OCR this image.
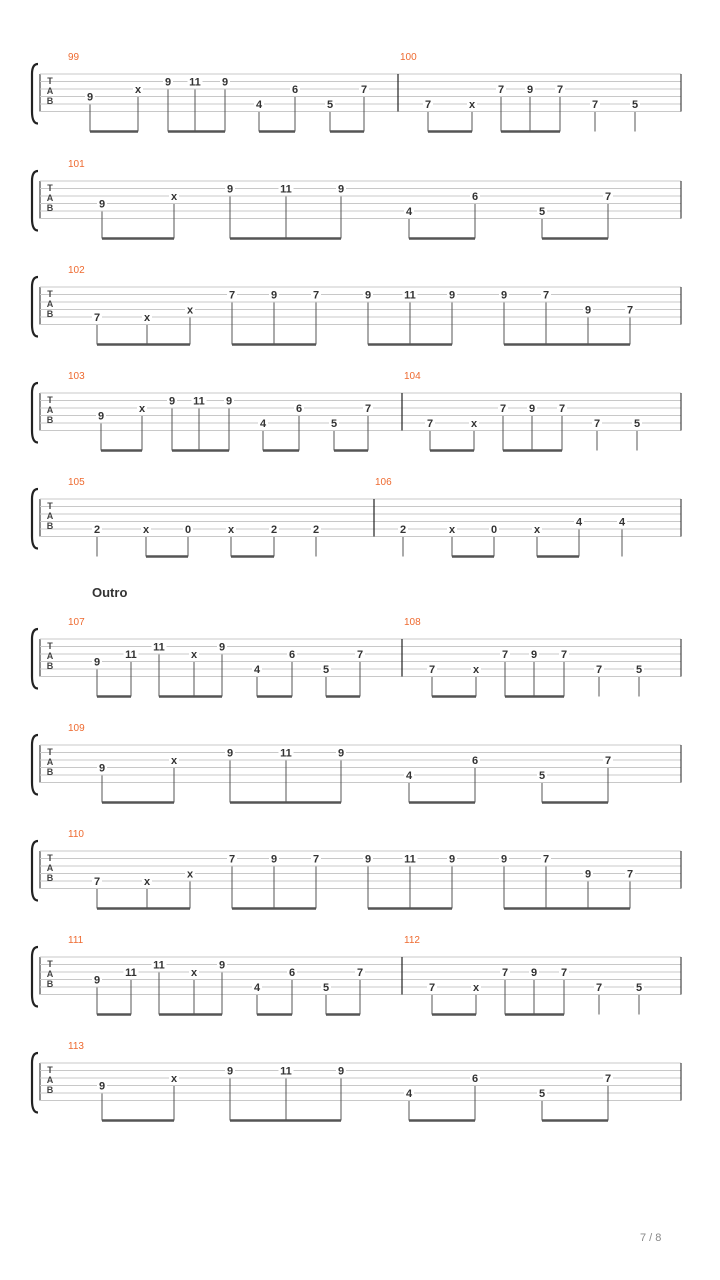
Outro
T
A
B
99
9
x
9 11 9
4
6
5
7
100
7	x
7 9 7
7	5
T
A
B
101
9
x
9	11	9
4
6
5
7
T
A
B
102
7	x
x
7	9	7	9	11	9	9	7
9	7
T
A
B
103
9
x
9 11 9
4
6
5
7
104
7	x
7 9 7
7	5
T
A
B
105
2	x	0	x	2	2
106
2	x	0	x
4	4
T
A
B
107
9
11
11
x
9
4
6
5
7
108
7	x
7 9 7
7	5
T
A
B
109
9
x
9	11	9
4
6
5
7
T
A
B
110
7	x
x
7	9	7	9	11	9	9	7
9	7
T
A
B
111
9
11
11
x
9
4
6
5
7
112
7	x
7 9 7
7	5
T
A
B
113
9
x
9	11	9
4
6
5
7
7 / 8
